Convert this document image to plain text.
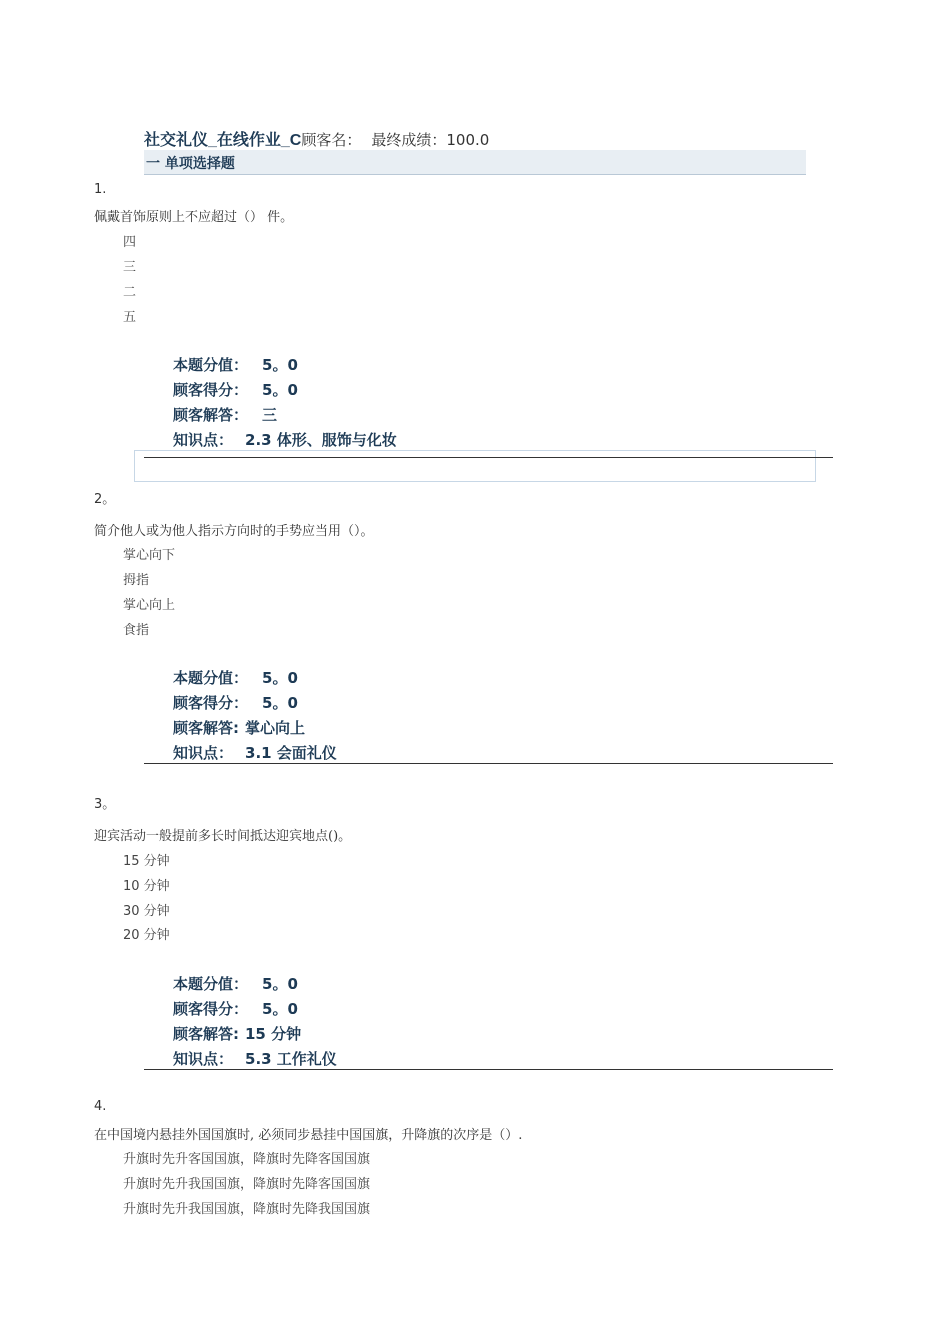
社交礼仪_在线作业_C顾客名： 最终成绩：100.0
一 单项选择题
1.
佩戴首饰原则上不应超过（） 件。
四
三
二
五
本题分值： 5。0
顾客得分： 5。0
顾客解答： 三
知识点： 2.3 体形、服饰与化妆
2。
简介他人或为他人指示方向时的手势应当用（）。
掌心向下
拇指
掌心向上
食指
本题分值： 5。0
顾客得分： 5。0
顾客解答: 掌心向上
知识点： 3.1 会面礼仪
3。
迎宾活动一般提前多长时间抵达迎宾地点()。
15 分钟
10 分钟
30 分钟
20 分钟
本题分值： 5。0
顾客得分： 5。0
顾客解答: 15 分钟
知识点： 5.3 工作礼仪
4.
在中国境内悬挂外国国旗时, 必须同步悬挂中国国旗，升降旗的次序是（）.
升旗时先升客国国旗，降旗时先降客国国旗
升旗时先升我国国旗，降旗时先降客国国旗
升旗时先升我国国旗，降旗时先降我国国旗
